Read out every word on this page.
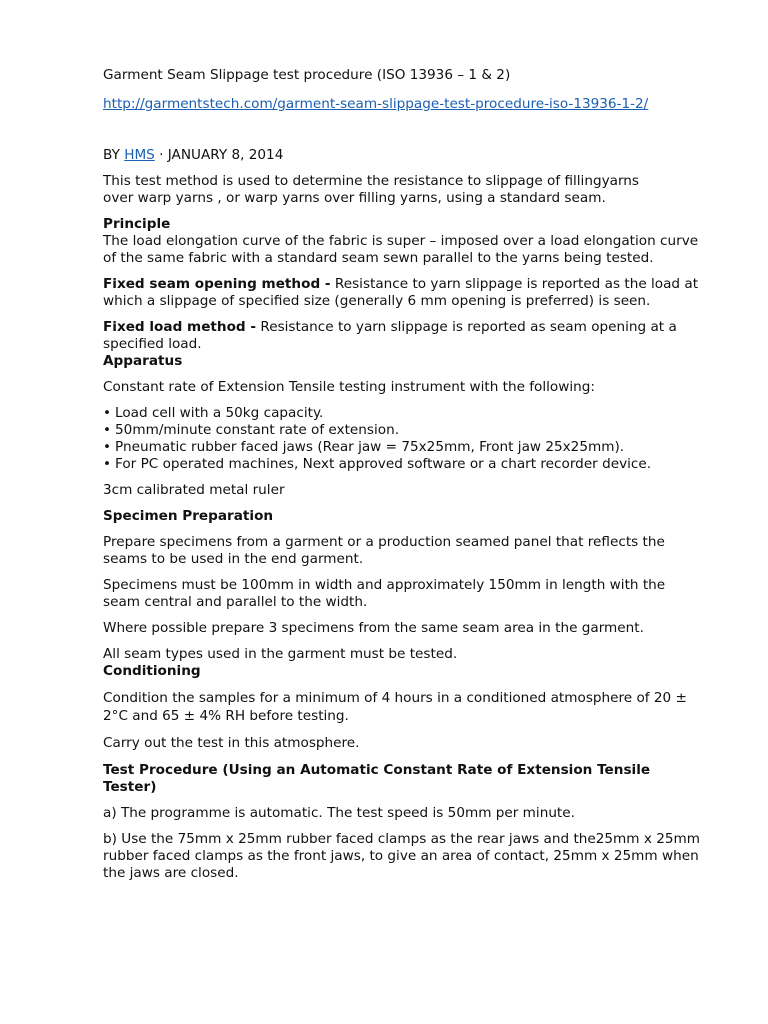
Garment Seam Slippage test procedure (ISO 13936 – 1 & 2)

http://garmentstech.com/garment-seam-slippage-test-procedure-iso-13936-1-2/

BY HMS · JANUARY 8, 2014

This test method is used to determine the resistance to slippage of fillingyarns over warp yarns , or warp yarns over filling yarns, using a standard seam.

Principle

The load elongation curve of the fabric is super – imposed over a load elongation curve of the same fabric with a standard seam sewn parallel to the yarns being tested.

Fixed seam opening method - Resistance to yarn slippage is reported as the load at which a slippage of specified size (generally 6 mm opening is preferred) is seen.

Fixed load method - Resistance to yarn slippage is reported as seam opening at a specified load.

Apparatus

Constant rate of Extension Tensile testing instrument with the following:

• Load cell with a 50kg capacity.
• 50mm/minute constant rate of extension.
• Pneumatic rubber faced jaws (Rear jaw = 75x25mm, Front jaw 25x25mm).
• For PC operated machines, Next approved software or a chart recorder device.

3cm calibrated metal ruler

Specimen Preparation

Prepare specimens from a garment or a production seamed panel that reflects the seams to be used in the end garment.

Specimens must be 100mm in width and approximately 150mm in length with the seam central and parallel to the width.

Where possible prepare 3 specimens from the same seam area in the garment.

All seam types used in the garment must be tested.

Conditioning

Condition the samples for a minimum of 4 hours in a conditioned atmosphere of 20 ± 2°C and 65 ± 4% RH before testing.

Carry out the test in this atmosphere.

Test Procedure (Using an Automatic Constant Rate of Extension Tensile Tester)

a) The programme is automatic. The test speed is 50mm per minute.

b) Use the 75mm x 25mm rubber faced clamps as the rear jaws and the25mm x 25mm rubber faced clamps as the front jaws, to give an area of contact, 25mm x 25mm when the jaws are closed.
